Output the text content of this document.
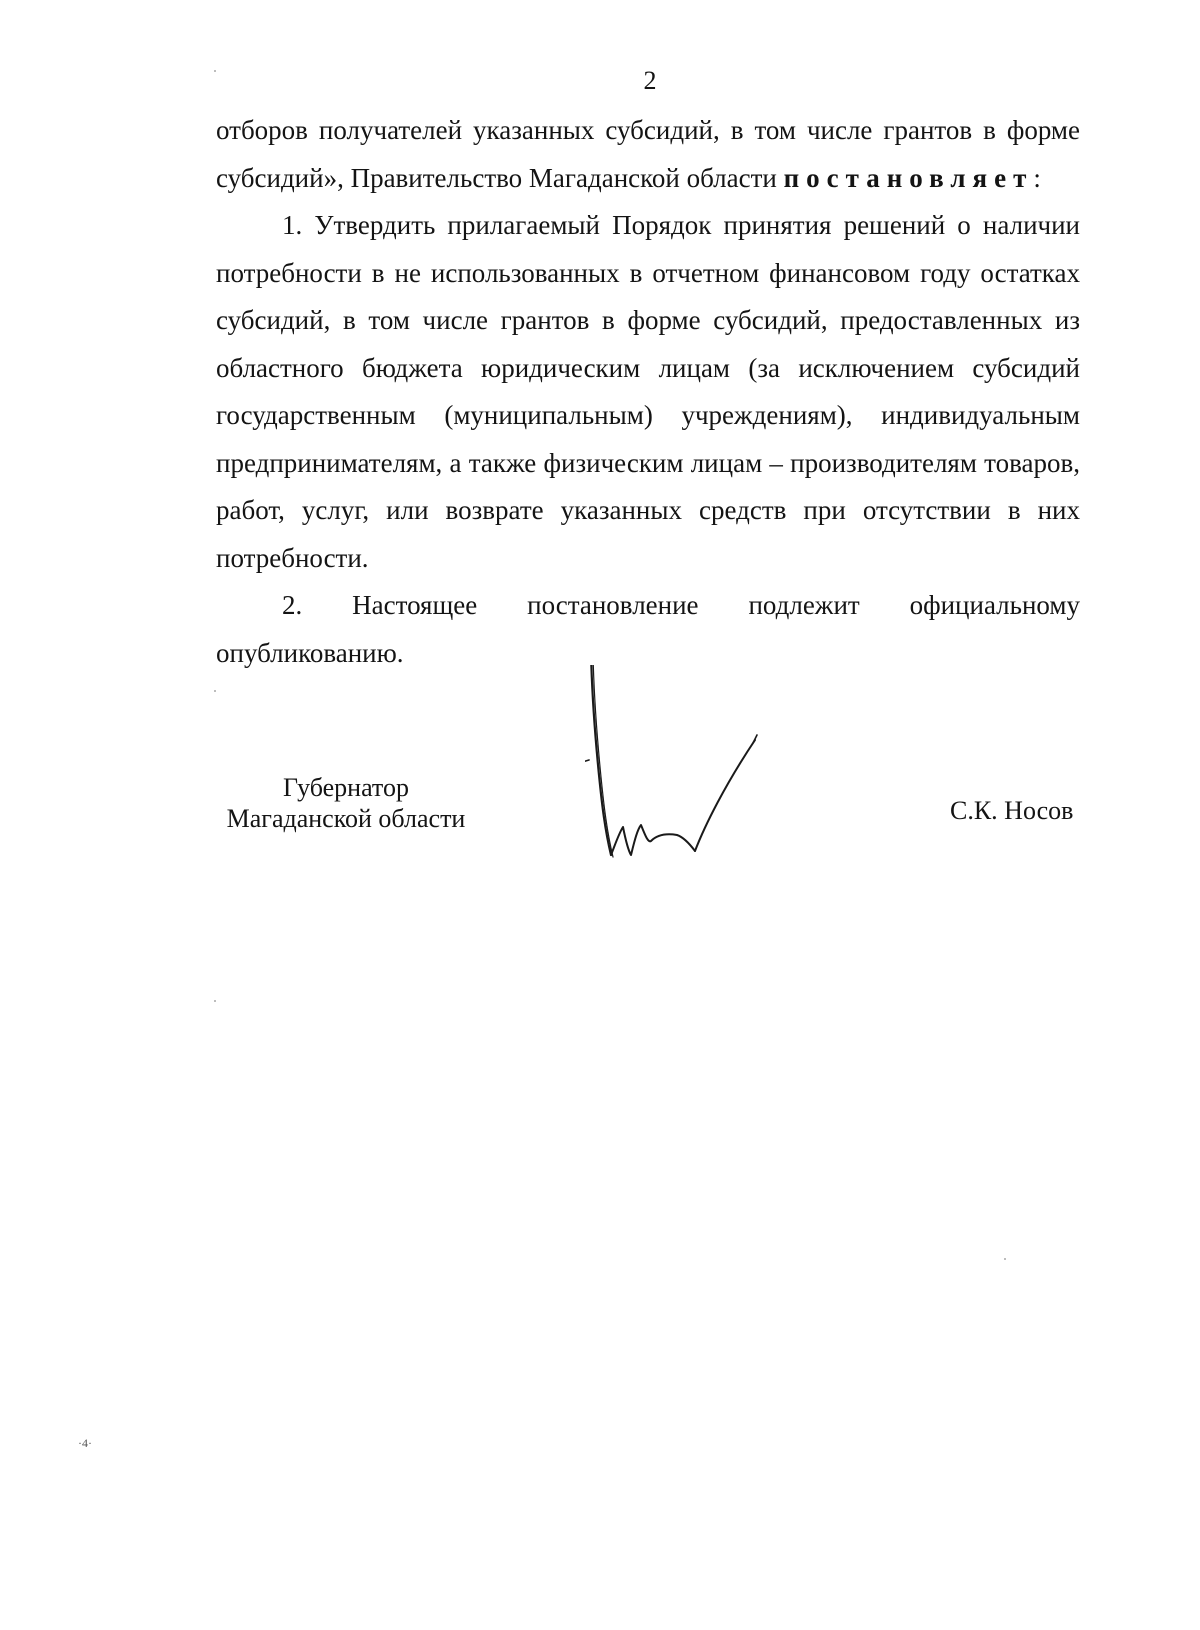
2

отборов получателей указанных субсидий, в том числе грантов в форме субсидий», Правительство Магаданской области постановляет:

1. Утвердить прилагаемый Порядок принятия решений о наличии потребности в не использованных в отчетном финансовом году остатках субсидий, в том числе грантов в форме субсидий, предоставленных из областного бюджета юридическим лицам (за исключением субсидий государственным (муниципальным) учреждениям), индивидуальным предпринимателям, а также физическим лицам – производителям товаров, работ, услуг, или возврате указанных средств при отсутствии в них потребности.

2. Настоящее постановление подлежит официальному опубликованию.

Губернатор
Магаданской области	С.К. Носов
·4·
